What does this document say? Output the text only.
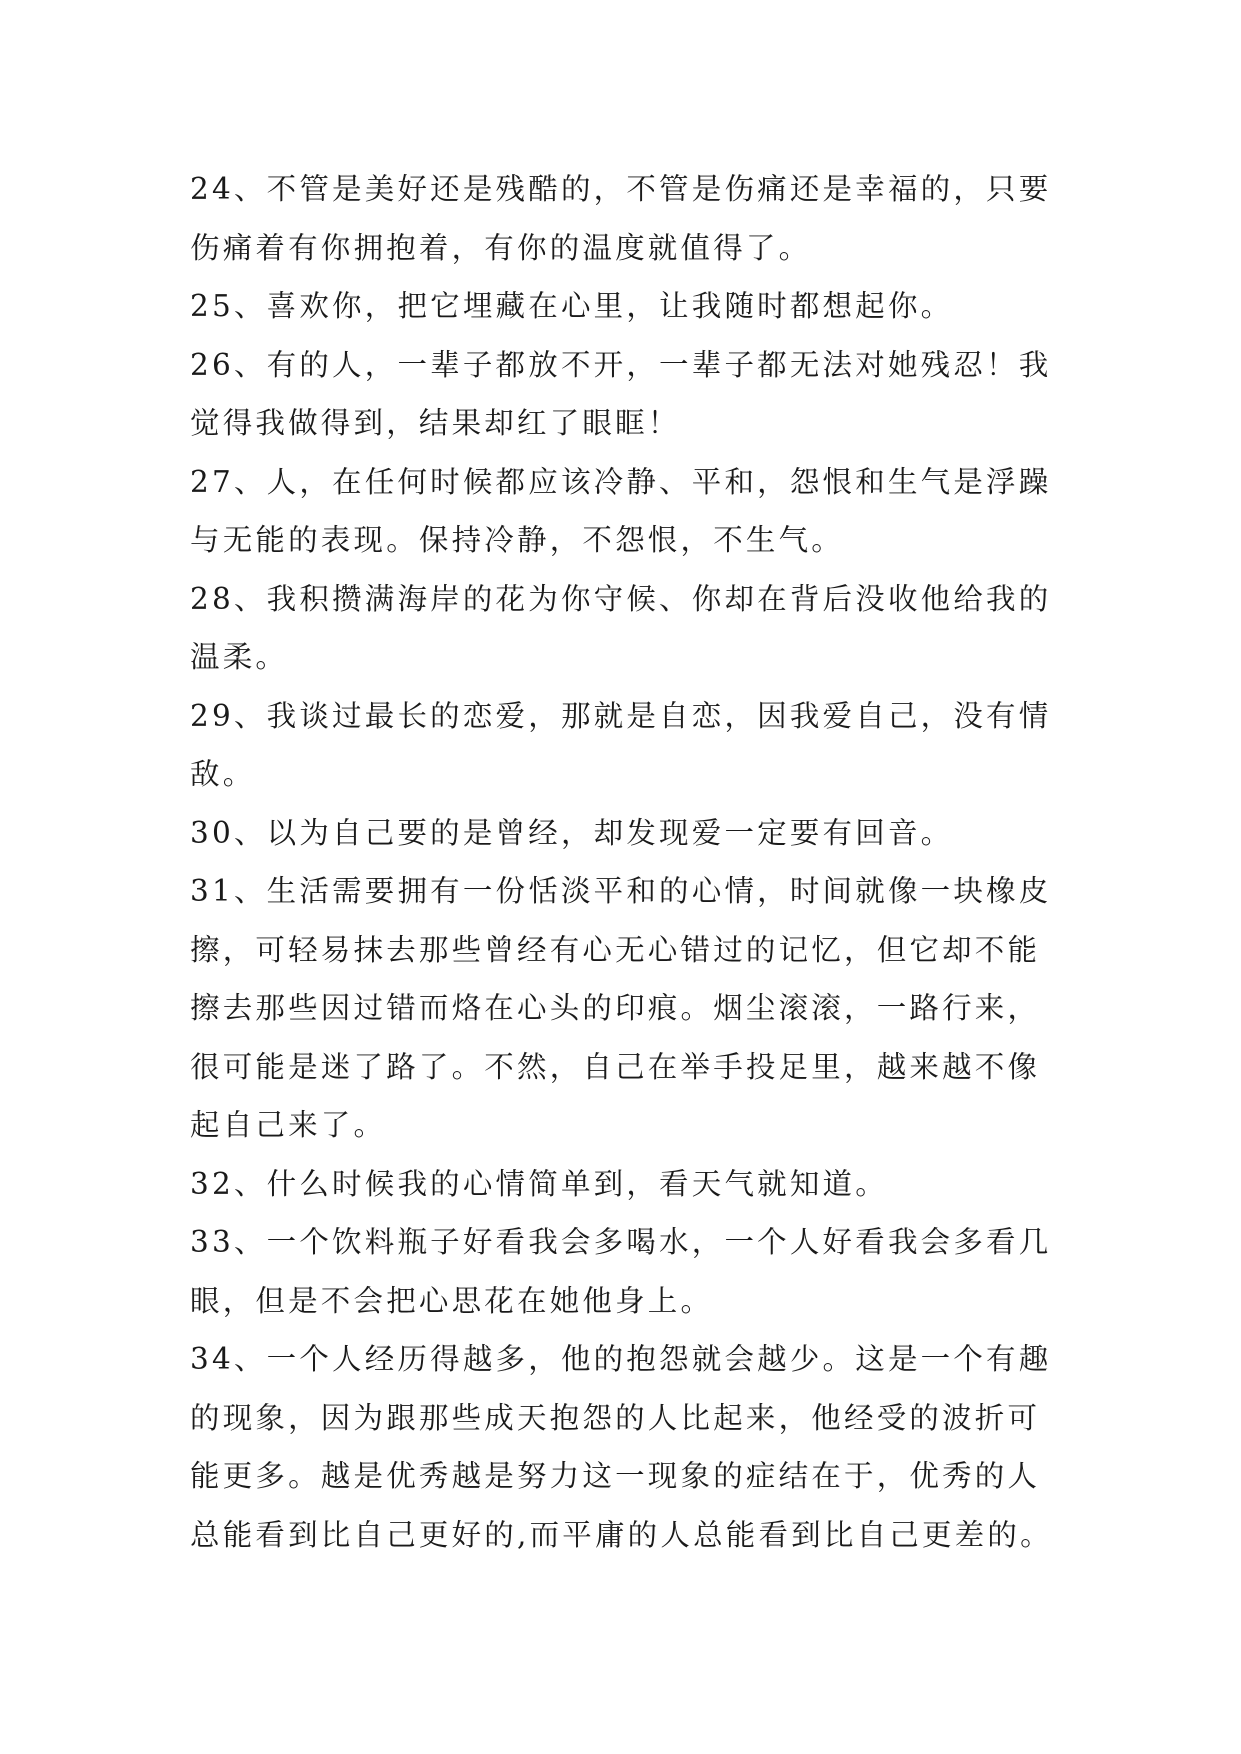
24、不管是美好还是残酷的，不管是伤痛还是幸福的，只要
伤痛着有你拥抱着，有你的温度就值得了。
25、喜欢你，把它埋藏在心里，让我随时都想起你。
26、有的人，一辈子都放不开，一辈子都无法对她残忍！我
觉得我做得到，结果却红了眼眶！
27、人，在任何时候都应该冷静、平和，怨恨和生气是浮躁
与无能的表现。保持冷静，不怨恨，不生气。
28、我积攒满海岸的花为你守候、你却在背后没收他给我的
温柔。
29、我谈过最长的恋爱，那就是自恋，因我爱自己，没有情
敌。
30、以为自己要的是曾经，却发现爱一定要有回音。
31、生活需要拥有一份恬淡平和的心情，时间就像一块橡皮
擦，可轻易抹去那些曾经有心无心错过的记忆，但它却不能
擦去那些因过错而烙在心头的印痕。烟尘滚滚，一路行来，
很可能是迷了路了。不然，自己在举手投足里，越来越不像
起自己来了。
32、什么时候我的心情简单到，看天气就知道。
33、一个饮料瓶子好看我会多喝水，一个人好看我会多看几
眼，但是不会把心思花在她他身上。
34、一个人经历得越多，他的抱怨就会越少。这是一个有趣
的现象，因为跟那些成天抱怨的人比起来，他经受的波折可
能更多。越是优秀越是努力这一现象的症结在于，优秀的人
总能看到比自己更好的,而平庸的人总能看到比自己更差的。
